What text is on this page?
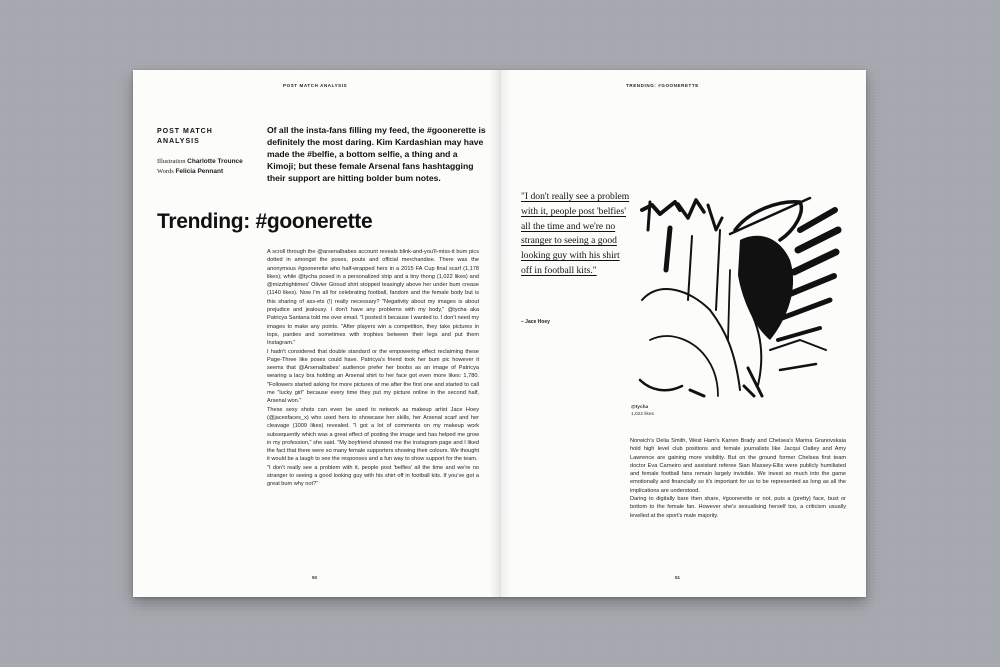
POST MATCH ANALYSIS
POST MATCH ANALYSIS
Illustration Charlotte Trounce
Words Felicia Pennant
Of all the insta-fans filling my feed, the #goonerette is definitely the most daring. Kim Kardashian may have made the #belfie, a bottom selfie, a thing and a Kimoji; but these female Arsenal fans hashtagging their support are hitting bolder bum notes.
Trending: #goonerette

A scroll through the @arsenalbabes account reveals blink-and-you'll-miss-it bum pics dotted in amongst the poses, pouts and official merchandise. There was the anonymous #goonerette who half-wrapped hers in a 2015 FA Cup final scarf (1,178 likes); while @tycha posed in a personalized strip and a tiny thong (1,022 likes) and @mizzhightimes' Olivier Giroud shirt stopped teasingly above her under bum crease (1140 likes). Now I'm all for celebrating football, fandom and the female body but is this sharing of ass-ets (!) really necessary? "Negativity about my images is about prejudice and jealousy. I don't have any problems with my body," @tycha aka Patricya Santana told me over email. "I posted it because I wanted to. I don't need my images to make any points. "After players win a competition, they take pictures in tops, panties and sometimes with trophies between their legs and put them Instagram."

I hadn't considered that double standard or the empowering effect reclaiming these Page-Three like poses could have. Patricya's friend took her bum pic however it seems that @Arsenalbabes' audience prefer her boobs as an image of Patricya wearing a lacy bra holding an Arsenal shirt to her face got even more likes: 1,780. "Followers started asking for more pictures of me after the first one and started to call me "lucky girl" because every time they put my picture online in the second half, Arsenal won."

These sexy shots can even be used to network as makeup artist Jace Hoey (@jacesfaces_x) who used hers to showcase her skills, her Arsenal scarf and her cleavage (1009 likes) revealed. "I got a lot of comments on my makeup work subsequently which was a great effect of posting the image and has helped me grow in my profession," she said. "My boyfriend showed me the instagram page and I liked the fact that there were so many female supporters showing their colours. We thought it would be a laugh to see the responses and a fun way to show support for the team.

"I don't really see a problem with it, people post 'belfies' all the time and we're no stranger to seeing a good looking guy with his shirt off in football kits. If you've got a great bum why not?"

50
TRENDING: #GOONERETTE
"I don't really see a problem with it, people post 'belfies' all the time and we're no stranger to seeing a good looking guy with his shirt off in football kits."
– Jace Hoey
@tycha
1,022 likes

Norwich's Delia Smith, West Ham's Karren Brady and Chelsea's Marina Granovskaia hold high level club positions and female journalists like Jacqui Oatley and Amy Lawrence are gaining more visibility. But on the ground former Chelsea first team doctor Eva Carneiro and assistant referee Sian Massey-Ellis were publicly humiliated and female football fans remain largely invisible. We invest so much into the game emotionally and financially so it's important for us to be represented as long as all the implications are understood.

Daring to digitally bare then share, #goonerette or not, puts a (pretty) face, bust or bottom to the female fan. However she's sexualising herself too, a criticism usually levelled at the sport's male majority.

51
